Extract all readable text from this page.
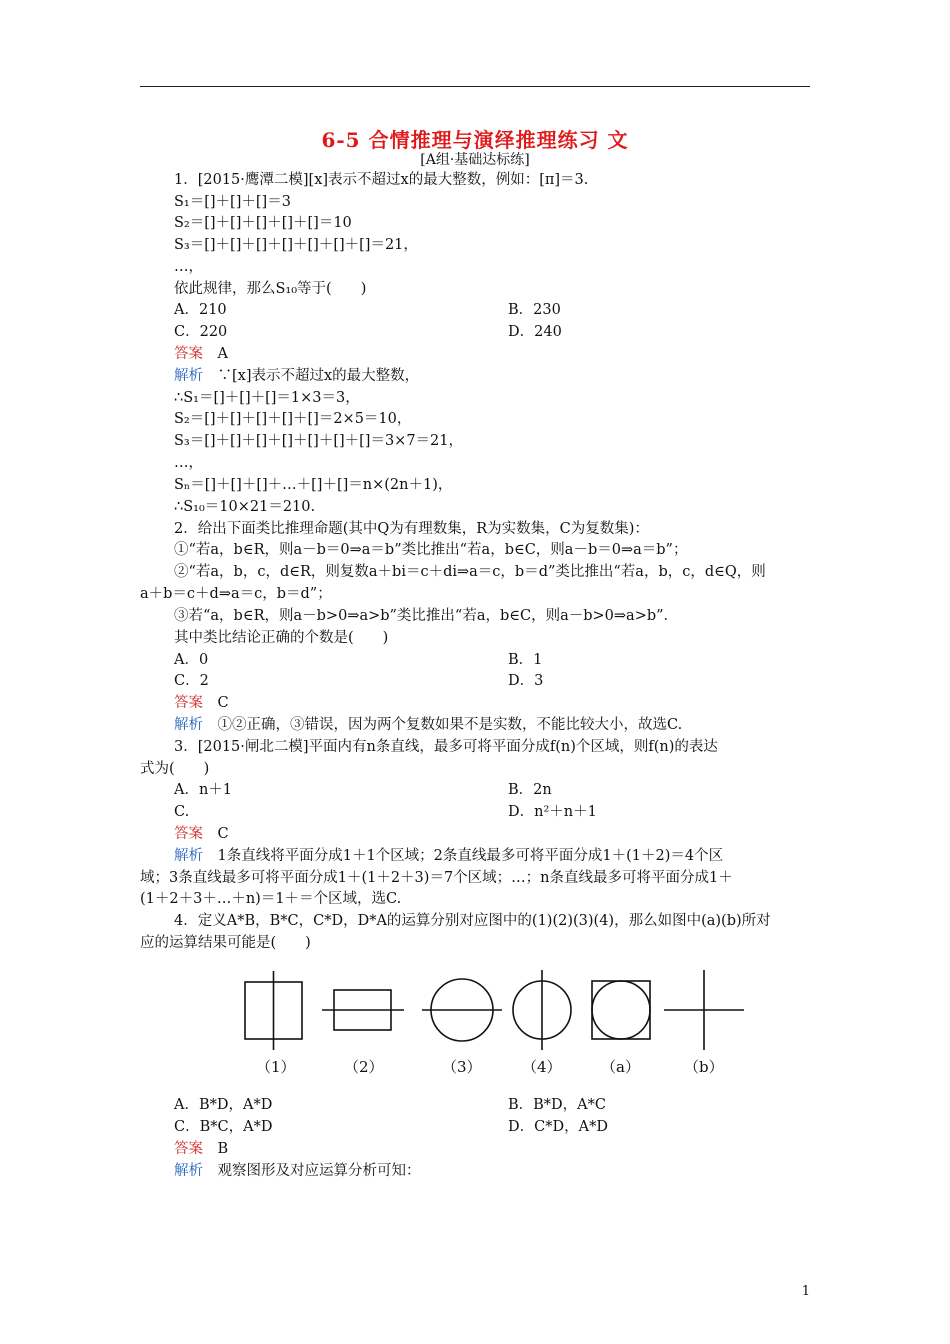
6-5 合情推理与演绎推理练习 文
[A组·基础达标练]
1．[2015·鹰潭二模][x]表示不超过x的最大整数，例如：[π]＝3.
S₁＝[]＋[]＋[]＝3
S₂＝[]＋[]＋[]＋[]＋[]＝10
S₃＝[]＋[]＋[]＋[]＋[]＋[]＋[]＝21，
…，
依此规律，那么S₁₀等于(　　)
A．210	B．230
C．220	D．240
答案　 A
解析　 ∵[x]表示不超过x的最大整数，
∴S₁＝[]＋[]＋[]＝1×3＝3，
S₂＝[]＋[]＋[]＋[]＋[]＝2×5＝10，
S₃＝[]＋[]＋[]＋[]＋[]＋[]＋[]＝3×7＝21，
…，
Sₙ＝[]＋[]＋[]＋…＋[]＋[]＝n×(2n＋1)，
∴S₁₀＝10×21＝210.
2．给出下面类比推理命题(其中Q为有理数集，R为实数集，C为复数集)：
①“若a，b∈R，则a－b＝0⇒a＝b”类比推出“若a，b∈C，则a－b＝0⇒a＝b”；
②“若a，b，c，d∈R，则复数a＋bi＝c＋di⇒a＝c，b＝d”类比推出“若a，b，c，d∈Q，则
a＋b＝c＋d⇒a＝c，b＝d”；
③若“a，b∈R，则a－b>0⇒a>b”类比推出“若a，b∈C，则a－b>0⇒a>b”．
其中类比结论正确的个数是(　　)
A．0	B．1
C．2	D．3
答案　 C
解析　 ①②正确，③错误，因为两个复数如果不是实数，不能比较大小，故选C.
3．[2015·闸北二模]平面内有n条直线，最多可将平面分成f(n)个区域，则f(n)的表达
式为(　　)
A．n＋1	B．2n
C.	D．n²＋n＋1
答案　 C
解析　 1条直线将平面分成1＋1个区域；2条直线最多可将平面分成1＋(1＋2)＝4个区
域；3条直线最多可将平面分成1＋(1＋2＋3)＝7个区域；…；n条直线最多可将平面分成1＋
(1＋2＋3＋…＋n)＝1＋＝个区域，选C.
4．定义A*B，B*C，C*D，D*A的运算分别对应图中的(1)(2)(3)(4)，那么如图中(a)(b)所对
应的运算结果可能是(　　)
（1）	（2）	（3）	（4）	（a）	（b）
A．B*D，A*D	B．B*D，A*C
C．B*C，A*D	D．C*D，A*D
答案　 B
解析　 观察图形及对应运算分析可知：
1
